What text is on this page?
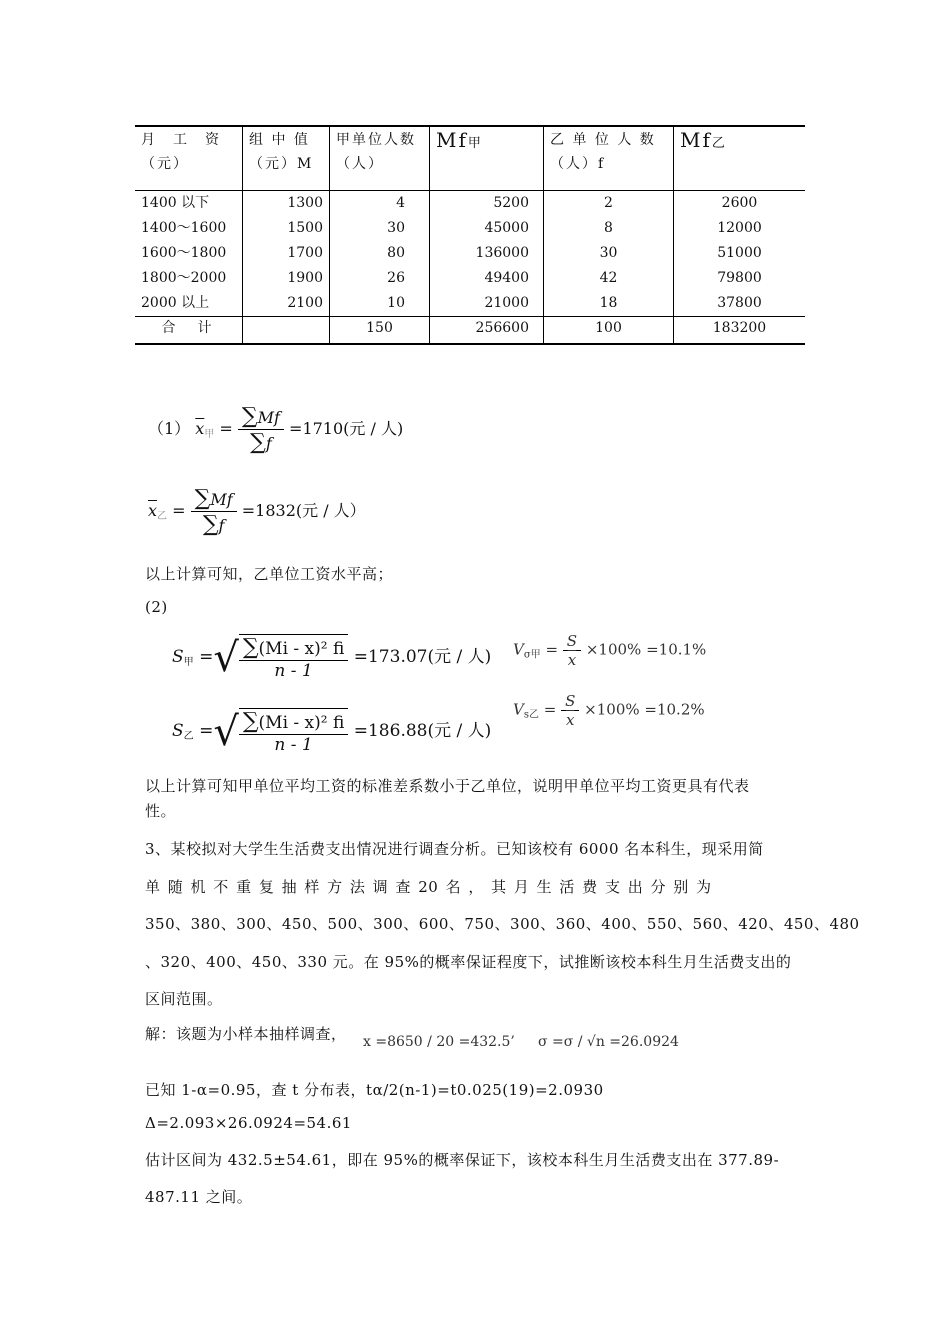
月　工　资（元）	组 中 值（元）M	甲单位人数（人）	Mf甲	乙 单 位 人 数（人）f	Mf乙
1400 以下	1300	4	5200	2	2600
1400～1600	1500	30	45000	8	12000
1600～1800	1700	80	136000	30	51000
1800～2000	1900	26	49400	42	79800
2000 以上	2100	10	21000	18	37800
合　计		150	256600	100	183200
（1） $\overline{x}_甲 = \frac{\sum Mf}{\sum f} =1710$(元 / 人)
$\overline{x}_乙 = \frac{\sum Mf}{\sum f} =1832$(元 / 人）
以上计算可知，乙单位工资水平高；
(2)
$S_甲$ =√ $\frac{\text{∑(Mi - x)² fi}}{n - 1} =173.07$(元 / 人)
$S_乙$ =√ $\frac{\text{∑(Mi - x)² fi}}{n - 1} =186.88$(元 / 人)
$V_{\sigma 甲} = \frac{S}{x} \times 100\% =10.1\%$
$V_{s乙} = \frac{S}{x} \times 100\% =10.2\%$
以上计算可知甲单位平均工资的标准差系数小于乙单位，说明甲单位平均工资更具有代表
性。
3、某校拟对大学生生活费支出情况进行调查分析。已知该校有 6000 名本科生，现采用简
单 随 机 不 重 复 抽 样 方 法 调 查 20 名 ， 其 月 生 活 费 支 出 分 别 为
350、380、300、450、500、300、600、750、300、360、400、550、560、420、450、480
、320、400、450、330 元。在 95%的概率保证程度下，试推断该校本科生月生活费支出的
区间范围。
解：该题为小样本抽样调查， x =8650 / 20 =432.5’ σ =σ / √n =26.0924
已知 1-α=0.95，查 t 分布表，tα/2(n-1)=t0.025(19)=2.0930
Δ=2.093×26.0924=54.61
估计区间为 432.5±54.61，即在 95%的概率保证下，该校本科生月生活费支出在 377.89-
487.11 之间。
